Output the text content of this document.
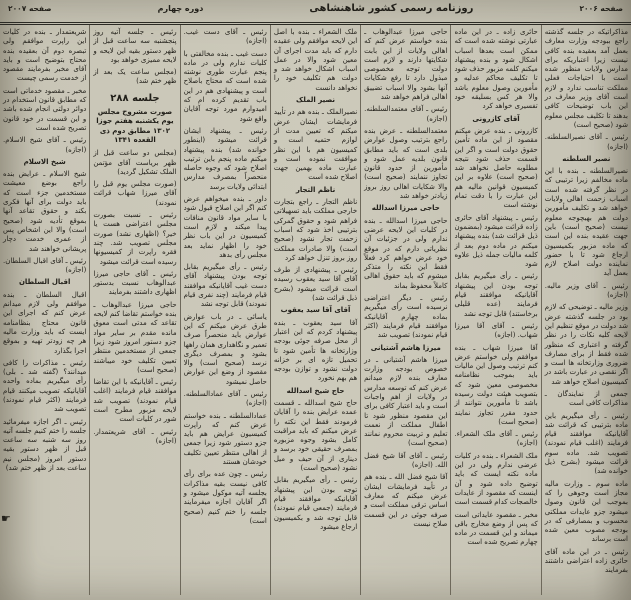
صفحه ۲۰۰۶
روزنامه رسمی کشور شاهنشاهی
دوره چهارم
صفحه ۲۰۰۷
مذاکراتیکه در جلسه گذشته راجع ببودجه وزارت معارف بعمل آمد بعقیده بنده کافی نیست زیرا اعتباریکه برای مدارس ولایات منظور شده است با احتیاجات فعلی مملکت تناسب ندارد و لازم است آقای وزیر معارف در این باب توضیحات کافی بدهند تا تکلیف مجلس معلوم شود (صحیح است)
رئیس ـ آقای نصیرالسلطنه. (اجازه)
نصیر السلطنه
نصیرالسلطنه ـ بنده با این ماده مخالفم زیرا ترتیبی که در نظر گرفته شده است اسباب زحمت اهالی ولایات خواهد شد و تکلیف مأمورین دولت هم بهیچوجه معلوم نیست (صحیح است) باین جهت عقیده بنده این است که ماده مزبور بکمیسیون ارجاع شود تا با حضور نماینده دولت اصلاح لازم بعمل آید
رئیس ـ آقای وزیر مالیه. (اجازه)
وزیر مالیه ـ توضیحی که لازم بود در جلسه گذشته عرض شد دولت در موقع تنظیم این لایحه کلیه نکات را در نظر گرفته و اعتباری که منظور شده فقط از برای مصارف ضروری وزارتخانه ها است و اگر نقصی در عبارت باشد در کمیسیون اصلاح خواهد شد
جمعی از نمایندگان ـ مذاکرات کافی است
رئیس ـ رأی میگیریم باین ماده بترتیبی که قرائت شد آقایانیکه موافقند قیام فرمایند (اغلب قیام نمودند) تصویب شد. ماده سوم قرائت میشود (بشرح ذیل خوانده شد)
ماده سوم ـ وزارت مالیه مجاز است وجوهی را که بموجب این قانون وصول میشود جزو عایدات مملکتی محسوب و بمصارفی که در بودجه مصوب معین شده است برساند
رئیس ـ در این ماده آقای حائری زاده اعتراضی داشتند بفرمایند
حائری زاده ـ در این ماده عبارتی نوشته شده است که ممکن است بعدها اسباب اشکال شود و بنده پیشنهاد میکنم کلمه مزبور حذف شود تا تکلیف محاکم عدلیه و مأمورین وصول معلوم باشد والا هر کس بسلیقه خود تفسیری خواهد کرد
آقای کازرونی
کازرونی ـ بنده عرض میکنم مقصود از این ماده تأمین حقوق دولت است و اگر این قسمت حذف شود نتیجه مطلوبه حاصل نخواهد شد (صحیح است) علاوه بر این کمیسیون قوانین مالیه هم این عبارت را با دقت تمام نوشته است
رئیس ـ پیشنهاد آقای حائری زاده قرائت میشود (بمضمون ذیل قرائت شد) بنده پیشنهاد میکنم در ماده دوم بعد از کلمه مالیات جمله ذیل علاوه شود
رئیس ـ رأی میگیریم بقابل توجه بودن این پیشنهاد آقایانیکه موافقند قیام فرمایند (عده قلیلی برخاستند) قابل توجه نشد
رئیس ـ آقای آقا میرزا شهاب. (اجازه)
آقا میرزا شهاب ـ بنده موافقم ولی خواستم عرض کنم ترتیب وصول این مالیات باید بموجب نظامنامه مخصوصی معین شود که بتصویب هیئت دولت رسیده باشد تا مأمورین نتوانند از حدود مقرر تجاوز نمایند (صحیح است)
رئیس ـ آقای ملک الشعراء. (اجازه)
ملک الشعراء ـ بنده در کلیات عرضی ندارم ولی در این ماده نکته ایست که باید توضیح داده شود و آن اینست که مقصود از عایدات خالصجات کدام قسمت است
مخبر ـ مقصود عایداتی است که پس از وضع مخارج باقی میماند و این قسمت در ماده چهارم تصریح شده است
حاجی میرزا عبدالوهاب ـ بنده خواستم عرض کنم که اهالی ولایات از این بابت شکایتها دارند و لازم است دولت توجه مخصوصی مبذول دارد تا رفع شکایات آنها بشود والا اسباب تضییق اهالی فراهم خواهد شد
رئیس ـ آقای معتمدالسلطنه. (اجازه)
معتمدالسلطنه ـ عرض بنده راجع بترتیب وصول عوارض بلدی است که باید مطابق قانون بلدیه عمل شود و مأمورین از حدود قانون تجاوز ننمایند (صحیح است) والا شکایات اهالی روز بروز زیادتر خواهد شد
حاجی میرزا اسدالله
حاجی میرزا اسدالله ـ بنده در کلیات این لایحه عرضی ندارم ولی در جزئیات آن نظریاتی دارم که در موقع خود عرض خواهم کرد فعلاً فقط این نکته را متذکر میشوم که باید حقوق اهالی کاملاً محفوظ بماند
رئیس ـ دیگر اعتراضی نرسیده است رأی میگیریم بماده چهارم آقایانیکه موافقند قیام فرمایند (اکثر قیام نمودند) تصویب شد
میرزا هاشم آشتیانی
میرزا هاشم آشتیانی ـ در خصوص بودجه وزارت معارف بنده لازم میدانم عرض کنم که توسعه مدارس در ولایات از اهم واجبات است و باید اعتبار کافی برای این مقصود منظور شود تا اطفال مملکت از نعمت تعلیم و تربیت محروم نمانند (صحیح است)
رئیس ـ آقای آقا شیخ فضل الله. (اجازه)
آقا شیخ فضل الله ـ بنده هم در تأیید فرمایشات ایشان عرض میکنم که معارف اساس ترقی مملکت است و صرفه جوئی در این قسمت صلاح نیست
ملک الشعراء ـ بنده با اصل این لایحه موافقم ولی عقیده دارم که باید مدت اجرای آن معین شود والا در عمل اسباب اشکال خواهد شد و دولت هم تکلیف خود را نخواهد دانست
نصیر الملک
نصیرالملک ـ بنده هم در تأیید فرمایشات ایشان عرض میکنم که تعیین مدت از لوازم حتمیه است و کمیسیون هم با این نظر موافقت نموده است و عبارت ماده بهمین جهت اصلاح شده است
ناظم التجار
ناظم التجار ـ راجع بتجارت خارجی مملکت باید تسهیلاتی فراهم شود و حقوق گمرکی بترتیبی اخذ شود که اسباب زحمت تجار نشود (صحیح است) والا صادرات مملکت روز بروز تنزل خواهد کرد
رئیس ـ پیشنهادی از طرف آقای آقا سید یعقوب رسیده است قرائت میشود (بشرح ذیل قرائت شد)
آقای آقا سید یعقوب
آقا سید یعقوب ـ بنده پیشنهاد کردم که این اعتبار از محل صرفه جوئی بودجه وزارتخانه ها تأمین شود تا تحمیل تازه ای بر خزانه دولت نشود و توازن بودجه هم بهم نخورد
حاج شیخ اسدالله
حاج شیخ اسدالله ـ قسمت عمده عرایض بنده را آقایان فرمودند فقط این نکته را عرض میکنم که باید مراقبت کامل بشود وجوه مزبوره بمصرف حقیقی خود برسد و دیناری از آن حیف و میل نشود (صحیح است)
رئیس ـ رأی میگیریم بقابل توجه بودن این پیشنهاد آقایانیکه موافقند قیام فرمایند (جمعی قیام نمودند) قابل توجه شد و بکمیسیون ارجاع میشود
رئیس ـ آقای دست غیب. (اجازه)
دست غیب ـ بنده مخالفتی با کلیات ندارم ولی در ماده پنجم عبارت طوری نوشته شده است که محتاج باصلاح است و پیشنهادی هم در این باب تقدیم کرده ام که امیدوارم مورد توجه آقایان واقع شود
رئیس ـ پیشنهاد ایشان قرائت میشود (اینطور خوانده شد) بنده پیشنهاد میکنم ماده پنجم باین ترتیب اصلاح شود که وجوه حاصله منحصراً بمصرف مدارس ابتدائی ولایات برسد
داور ـ بنده میخواهم عرض کنم اگر این اصلاح قبول شود با سایر مواد قانون منافات پیدا میکند و لازم است کمیسیون در این باب نظر خود را اظهار نماید بعد مجلس رأی بدهد
رئیس ـ رأی میگیریم بقابل توجه بودن پیشنهاد آقای دست غیب آقایانیکه موافقند قیام فرمایند (چند نفری قیام نمودند) قابل توجه نشد
یاسائی ـ در باب عوارض طرق عرض میکنم که این عوارض باید منحصراً صرف تعمیر و نگاهداری همان راهها بشود و بمصرف دیگری نرسد (صحیح است) والا مقصود از وضع این عوارض حاصل نمیشود
رئیس ـ آقای عمادالسلطنه. (اجازه)
عمادالسلطنه ـ بنده خواستم عرض کنم که راپرت کمیسیون عرایض هم باید جزو دستور شود زیرا جمعی از اهالی منتظر تعیین تکلیف خودشان هستند
رئیس ـ چون عده برای رأی کافی نیست بقیه مذاکرات بجلسه آتیه موکول میشود و اگر آقایان اجازه میفرمایند جلسه را ختم کنیم (صحیح است)
رئیس ـ جلسه آتیه روز پنجشنبه سه ساعت قبل از ظهر دستور بقیه این لایحه و لایحه ممیزی خواهد بود
(مجلس ساعت یک بعد از ظهر ختم شد)
جلسه ۲۸۸
صورت مشروح مجلس یوم یکشنبه هفتم جوزا ۱۳۰۲ مطابق دوم ذی القعده ۱۳۴۱
(مجلس دو ساعت قبل از ظهر بریاست آقای مؤتمن الملک تشکیل گردید)
(صورت مجلس یوم قبل را آقای میرزا شهاب قرائت نمودند)
رئیس ـ نسبت بصورت مجلس اعتراضی هست یا خیر؟ (اظهاری نشد) صورت مجلس تصویب شد. چند فقره راپرت از کمیسیونها رسیده است قرائت میشود
رئیس ـ آقای حاجی میرزا عبدالوهاب نسبت بدستور اظهاری داشتند بفرمایند
حاجی میرزا عبدالوهاب ـ بنده خواستم تقاضا کنم لایحه تقاعد که مدتی است معوق مانده مقدم بر سایر مواد جزو دستور امروز شود زیرا جمعی از مستخدمین منتظر تعیین تکلیف خود میباشند (صحیح است)
رئیس ـ آقایانیکه با این تقاضا موافقند قیام فرمایند (اغلب قیام نمودند) تصویب شد لایحه مزبور مطرح است شور در کلیات است
رئیس ـ آقای شریعتمدار. (اجازه)
شریعتمدار ـ بنده در کلیات این راپرت موافقم ولی تبصره دوم آن بعقیده بنده محتاج بتوضیح است و باید آقای مخبر بفرمایند مقصود از خدمت رسمی چیست
مخبر ـ مقصود خدماتی است که مطابق قانون استخدام در دوائر دولتی انجام شده باشد و این قسمت در خود قانون تصریح شده است
رئیس ـ آقای شیخ الاسلام. (اجازه)
شیخ الاسلام
شیخ الاسلام ـ عرایض بنده راجع بوضع معیشت مستخدمین جزء است که باید دولت برای آنها فکری بکند و حقوق تقاعد آنها بموقع تأدیه شود (صحیح است) والا این اشخاص پس از عمری خدمت دچار پریشانی خواهند شد
رئیس ـ آقای اقبال السلطان. (اجازه)
اقبال السلطان
اقبال السلطان ـ بنده موافقم ولی لازم میدانم عرض کنم که اجرای این قانون محتاج بنظامنامه ایست که باید وزارت مالیه هر چه زودتر تهیه و بموقع اجرا بگذارد
رئیس ـ مذاکرات را کافی میدانند؟ (گفته شد ـ بلی) رأی میگیریم بماده واحده آقایانیکه تصویب میکنند قیام فرمایند (اکثر قیام نمودند) تصویب شد
رئیس ـ اگر اجازه میفرمائید جلسه را ختم کنیم جلسه آتیه روز سه شنبه سه ساعت قبل از ظهر دستور بقیه دستور امروز (مجلس نیم ساعت بعد از ظهر ختم شد)
☛
